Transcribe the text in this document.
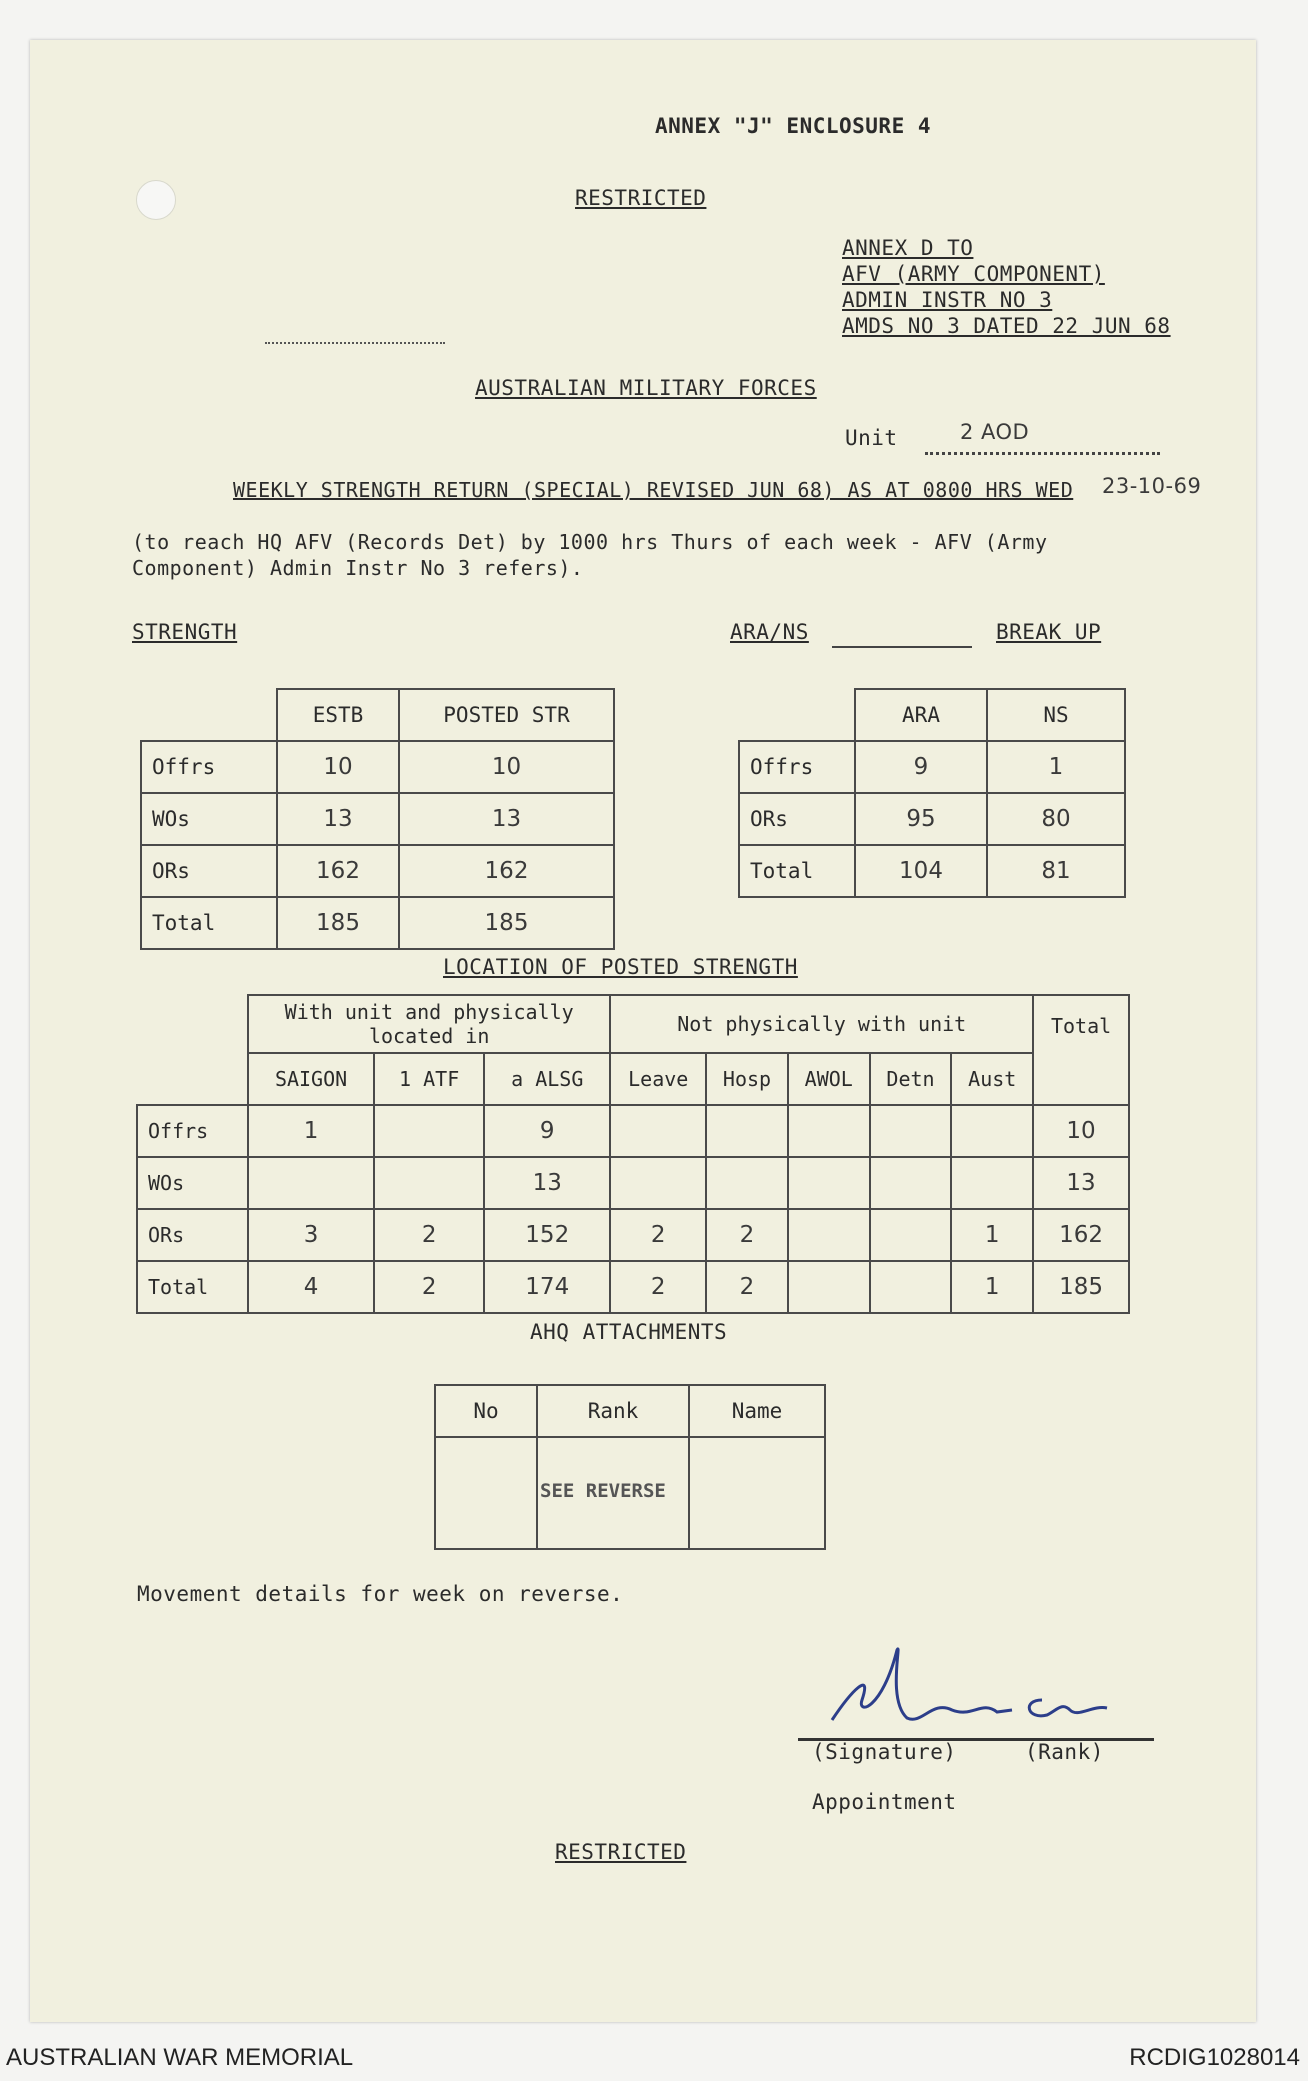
ANNEX "J" ENCLOSURE 4
RESTRICTED
ANNEX D TO
AFV (ARMY COMPONENT)
ADMIN INSTR NO 3
AMDS NO 3 DATED 22 JUN 68
AUSTRALIAN MILITARY FORCES
Unit	2 AOD
WEEKLY STRENGTH RETURN (SPECIAL) REVISED JUN 68) AS AT 0800 HRS WED 23-10-69
(to reach HQ AFV (Records Det) by 1000 hrs Thurs of each week - AFV (Army
Component) Admin Instr No 3 refers).
STRENGTH	ARA/NS	BREAK UP
	ESTB	POSTED STR
Offrs	10	10
WOs	13	13
ORs	162	162
Total	185	185
	ARA	NS
Offrs	9	1
ORs	95	80
Total	104	81
LOCATION OF POSTED STRENGTH

	With unit and physically
located in			Not physically with unit					Total
	SAIGON	1 ATF	a ALSG	Leave	Hosp	AWOL	Detn	Aust	
Offrs	1		9						10
WOs			13						13
ORs	3	2	152	2	2			1	162
Total	4	2	174	2	2			1	185
AHQ ATTACHMENTS
No	Rank	Name

	SEE REVERSE	

Movement details for week on reverse.
(Signature)	(Rank)
Appointment
RESTRICTED
AUSTRALIAN WAR MEMORIAL	RCDIG1028014
